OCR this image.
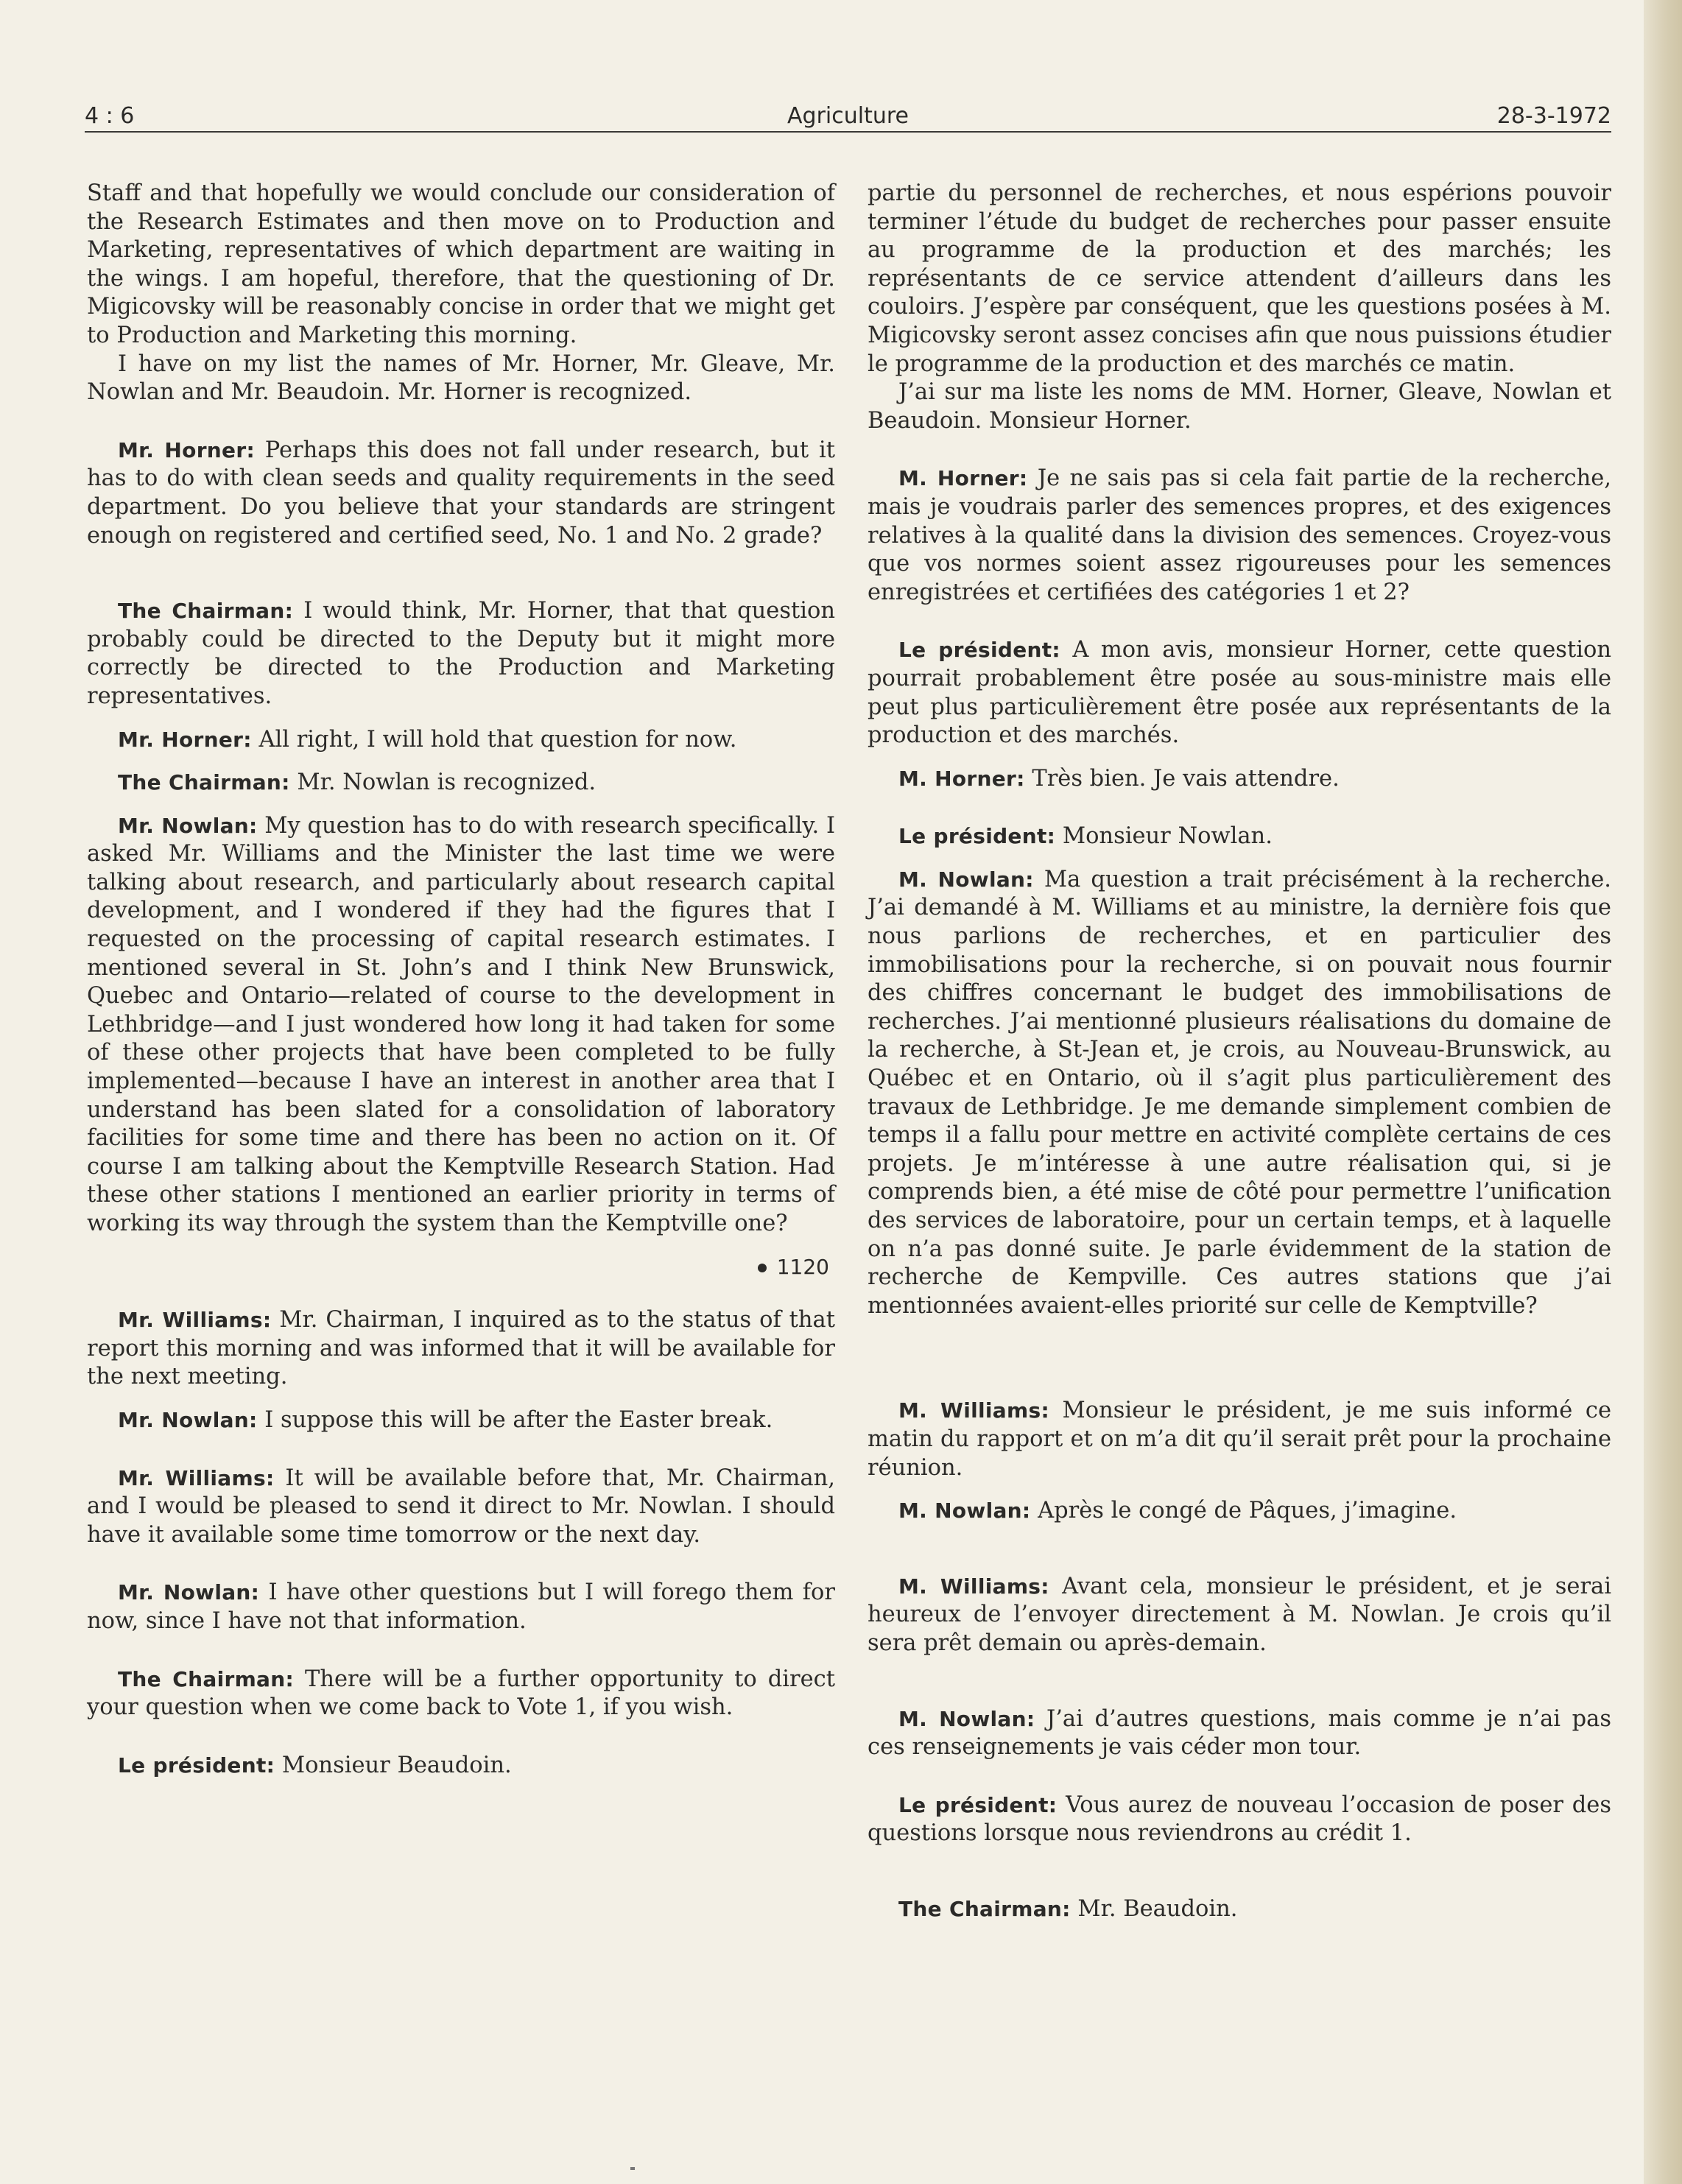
4 : 6	Agriculture	28-3-1972

Staff and that hopefully we would conclude our consideration of the Research Estimates and then move on to Production and Marketing, representatives of which department are waiting in the wings. I am hopeful, therefore, that the questioning of Dr. Migicovsky will be reasonably concise in order that we might get to Production and Marketing this morning.

I have on my list the names of Mr. Horner, Mr. Gleave, Mr. Nowlan and Mr. Beaudoin. Mr. Horner is recognized.

Mr. Horner: Perhaps this does not fall under research, but it has to do with clean seeds and quality requirements in the seed department. Do you believe that your standards are stringent enough on registered and certified seed, No. 1 and No. 2 grade?

The Chairman: I would think, Mr. Horner, that that question probably could be directed to the Deputy but it might more correctly be directed to the Production and Marketing representatives.

Mr. Horner: All right, I will hold that question for now.

The Chairman: Mr. Nowlan is recognized.

Mr. Nowlan: My question has to do with research specifically. I asked Mr. Williams and the Minister the last time we were talking about research, and particularly about research capital development, and I wondered if they had the figures that I requested on the processing of capital research estimates. I mentioned several in St. John’s and I think New Brunswick, Quebec and Ontario—related of course to the development in Lethbridge—and I just wondered how long it had taken for some of these other projects that have been completed to be fully implemented—because I have an interest in another area that I understand has been slated for a consolidation of laboratory facilities for some time and there has been no action on it. Of course I am talking about the Kemptville Research Station. Had these other stations I mentioned an earlier priority in terms of working its way through the system than the Kemptville one?

1120

Mr. Williams: Mr. Chairman, I inquired as to the status of that report this morning and was informed that it will be available for the next meeting.

Mr. Nowlan: I suppose this will be after the Easter break.

Mr. Williams: It will be available before that, Mr. Chairman, and I would be pleased to send it direct to Mr. Nowlan. I should have it available some time tomorrow or the next day.

Mr. Nowlan: I have other questions but I will forego them for now, since I have not that information.

The Chairman: There will be a further opportunity to direct your question when we come back to Vote 1, if you wish.

Le président: Monsieur Beaudoin.

partie du personnel de recherches, et nous espérions pouvoir terminer l’étude du budget de recherches pour passer ensuite au programme de la production et des marchés; les représentants de ce service attendent d’ailleurs dans les couloirs. J’espère par conséquent, que les questions posées à M. Migicovsky seront assez concises afin que nous puissions étudier le programme de la production et des marchés ce matin.

J’ai sur ma liste les noms de MM. Horner, Gleave, Nowlan et Beaudoin. Monsieur Horner.

M. Horner: Je ne sais pas si cela fait partie de la recherche, mais je voudrais parler des semences propres, et des exigences relatives à la qualité dans la division des semences. Croyez-vous que vos normes soient assez rigoureuses pour les semences enregistrées et certifiées des catégories 1 et 2?

Le président: A mon avis, monsieur Horner, cette question pourrait probablement être posée au sous-ministre mais elle peut plus particulièrement être posée aux représentants de la production et des marchés.

M. Horner: Très bien. Je vais attendre.

Le président: Monsieur Nowlan.

M. Nowlan: Ma question a trait précisément à la recherche. J’ai demandé à M. Williams et au ministre, la dernière fois que nous parlions de recherches, et en particulier des immobilisations pour la recherche, si on pouvait nous fournir des chiffres concernant le budget des immobilisations de recherches. J’ai mentionné plusieurs réalisations du domaine de la recherche, à St-Jean et, je crois, au Nouveau-Brunswick, au Québec et en Ontario, où il s’agit plus particulièrement des travaux de Lethbridge. Je me demande simplement combien de temps il a fallu pour mettre en activité complète certains de ces projets. Je m’intéresse à une autre réalisation qui, si je comprends bien, a été mise de côté pour permettre l’unification des services de laboratoire, pour un certain temps, et à laquelle on n’a pas donné suite. Je parle évidemment de la station de recherche de Kempville. Ces autres stations que j’ai mentionnées avaient-elles priorité sur celle de Kemptville?

M. Williams: Monsieur le président, je me suis informé ce matin du rapport et on m’a dit qu’il serait prêt pour la prochaine réunion.

M. Nowlan: Après le congé de Pâques, j’imagine.

M. Williams: Avant cela, monsieur le président, et je serai heureux de l’envoyer directement à M. Nowlan. Je crois qu’il sera prêt demain ou après-demain.

M. Nowlan: J’ai d’autres questions, mais comme je n’ai pas ces renseignements je vais céder mon tour.

Le président: Vous aurez de nouveau l’occasion de poser des questions lorsque nous reviendrons au crédit 1.

The Chairman: Mr. Beaudoin.
